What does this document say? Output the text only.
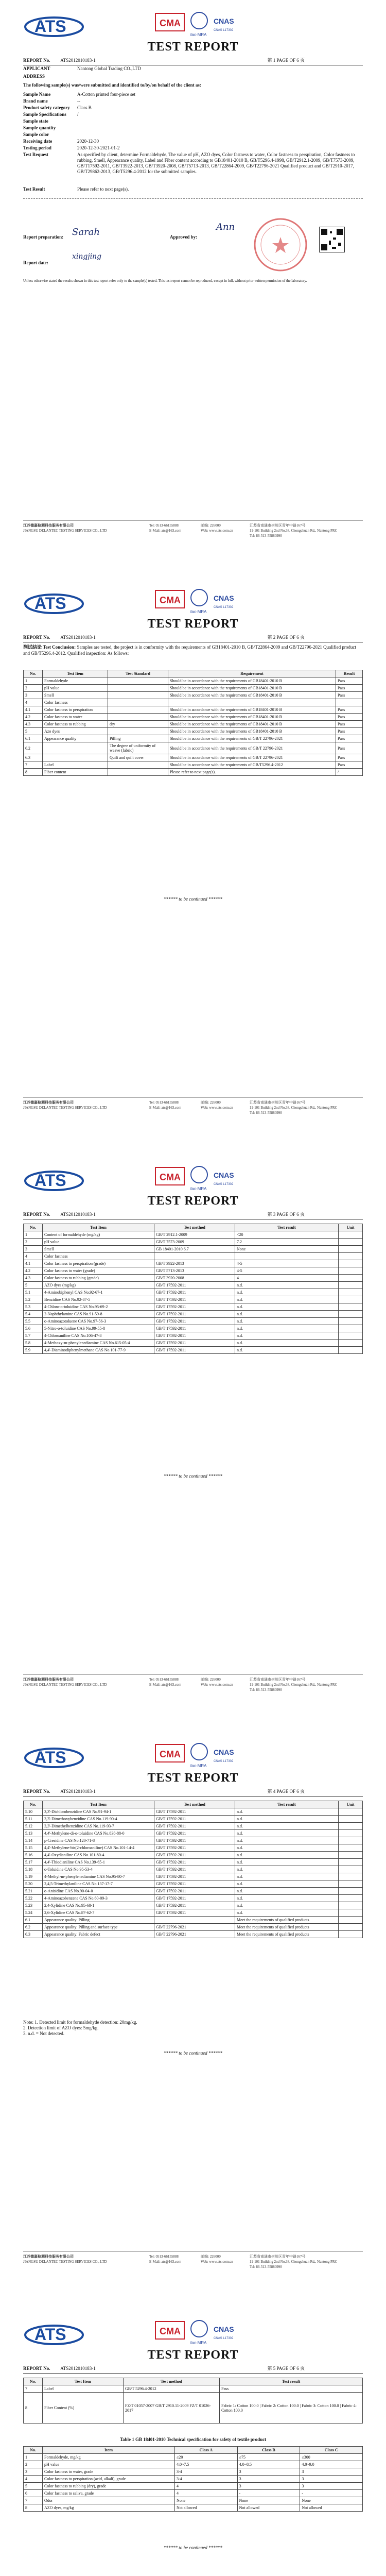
ATS	CMA
ilac-MRA
CNAS
CNAS L17302
TEST REPORT
REPORT No. ATS2012010183-1	第 1 PAGE OF 6 页
APPLICANT	Nantong Global Trading CO.,LTD
ADDRESS
The following sample(s) was/were submitted and identified to/by/on behalf of the client as:
Sample Name	A-Cotton printed four-piece set
Brand name	--
Product safety category Class B
Sample Specifications /
Sample state
Sample quantity
Sample color
Receiving date	2020-12-30
Testing period	2020-12-30-2021-01-2
Test Request	As specified by client, determine Formaldehyde, The value of pH, AZO dyes, Color fastness to water, Color fastness to perspiration, Color fastness to rubbing, Smell, Appearance quality, Label and Fiber content according to GB18401-2010 B, GB/T5296.4-1998, GB/T2912.1-2009, GB/T7573-2009, GB/T17592-2011, GB/T3922-2013, GB/T3920-2008, GB/T5713-2013, GB/T22864-2009, GB/T22796-2021 Qualified product and GB/T2910-2017, GB/T29862-2013, GB/T5296.4-2012 for the submitted samples.
Test Result	Please refer to next page(s).
Report preparation: Sarah	Approved by:
Ann
Report date:
xingjing
Unless otherwise stated the results shown in this test report refer only to the sample(s) tested. This test report cannot be reproduced, except in full, without prior written permission of the laboratory.
江苏德嘉检测科技服务有限公司
JIANGSU DELANTEC TESTING SERVICES CO., LTD
Tel: 0513-66155888
E-Mail: ats@163.com
邮编: 226000
Web: www.ats.com.cn
江苏省南通市崇川区青年中路167号
11-101 Building 2nd No.38, Chongchuan Rd., Nantong PRC
Tel: 86-513-55880990
ATS	CMA
ilac-MRA
CNAS
CNAS L17302
TEST REPORT
REPORT No. ATS2012010183-1	第 2 PAGE OF 6 页
测试结论 Test Conclusion: Samples are tested, the project is in conformity with the requirements of GB18401-2010 B, GB/T22864-2009 and GB/T22796-2021 Qualified product and GB/T5296.4-2012. Qualified inspection: As follows:
No.	Test Item	Test Standard	Requirement	Result
1	Formaldehyde		Should be in accordance with the requirements of GB18401-2010 B	Pass
2	pH value		Should be in accordance with the requirements of GB18401-2010 B	Pass
3	Smell		Should be in accordance with the requirements of GB18401-2010 B	Pass
4	Color fastness			
4.1	Color fastness to perspiration		Should be in accordance with the requirements of GB18401-2010 B	Pass
4.2	Color fastness to water		Should be in accordance with the requirements of GB18401-2010 B	Pass
4.3	Color fastness to rubbing	dry	Should be in accordance with the requirements of GB18401-2010 B	Pass
5	Azo dyes		Should be in accordance with the requirements of GB18401-2010 B	Pass
6.1	Appearance quality	Pilling	Should be in accordance with the requirements of GB/T 22796-2021	Pass
6.2		The degree of uniformity of weave (fabric)	Should be in accordance with the requirements of GB/T 22796-2021	Pass
6.3		Quilt and quilt cover	Should be in accordance with the requirements of GB/T 22796-2021	Pass
7	Label		Should be in accordance with the requirements of GB/T5296.4-2012	Pass
8	Fiber content		Please refer to next page(s).	/
****** to be continued ******
江苏德嘉检测科技服务有限公司
JIANGSU DELANTEC TESTING SERVICES CO., LTD
Tel: 0513-66155888
E-Mail: ats@163.com
邮编: 226000
Web: www.ats.com.cn
江苏省南通市崇川区青年中路167号
11-101 Building 2nd No.38, Chongchuan Rd., Nantong PRC
Tel: 86-513-55880990
ATS	CMA
ilac-MRA
CNAS
CNAS L17302
TEST REPORT
REPORT No. ATS2012010183-1	第 3 PAGE OF 6 页
No.	Test Item	Test method	Test result	Unit
1	Content of formaldehyde (mg/kg)	GB/T 2912.1-2009	<20	
2	pH value	GB/T 7573-2009	7.2	
3	Smell	GB 18401-2010 6.7	None	
4	Color fastness			
4.1	Color fastness to perspiration (grade)	GB/T 3922-2013	4-5	
4.2	Color fastness to water (grade)	GB/T 5713-2013	4-5	
4.3	Color fastness to rubbing (grade)	GB/T 3920-2008	4	
5	AZO dyes (mg/kg)	GB/T 17592-2011	n.d.	
5.1	4-Aminobiphenyl CAS No.92-67-1	GB/T 17592-2011	n.d.	
5.2	Benzidine CAS No.92-87-5	GB/T 17592-2011	n.d.	
5.3	4-Chloro-o-toluidine CAS No.95-69-2	GB/T 17592-2011	n.d.	
5.4	2-Naphthylamine CAS No.91-59-8	GB/T 17592-2011	n.d.	
5.5	o-Aminoazotoluene CAS No.97-56-3	GB/T 17592-2011	n.d.	
5.6	5-Nitro-o-toluidine CAS No.99-55-8	GB/T 17592-2011	n.d.	
5.7	4-Chloroaniline CAS No.106-47-8	GB/T 17592-2011	n.d.	
5.8	4-Methoxy-m-phenylenediamine CAS No.615-05-4	GB/T 17592-2011	n.d.	
5.9	4,4'-Diaminodiphenylmethane CAS No.101-77-9	GB/T 17592-2011	n.d.	
****** to be continued ******
江苏德嘉检测科技服务有限公司
JIANGSU DELANTEC TESTING SERVICES CO., LTD
Tel: 0513-66155888
E-Mail: ats@163.com
邮编: 226000
Web: www.ats.com.cn
江苏省南通市崇川区青年中路167号
11-101 Building 2nd No.38, Chongchuan Rd., Nantong PRC
Tel: 86-513-55880990
ATS	CMA
ilac-MRA
CNAS
CNAS L17302
TEST REPORT
REPORT No. ATS2012010183-1	第 4 PAGE OF 6 页
No.	Test Item	Test method	Test result	Unit
5.10	3,3'-Dichlorobenzidine CAS No.91-94-1	GB/T 17592-2011	n.d.	
5.11	3,3'-Dimethoxybenzidine CAS No.119-90-4	GB/T 17592-2011	n.d.	
5.12	3,3'-Dimethylbenzidine CAS No.119-93-7	GB/T 17592-2011	n.d.	
5.13	4,4'-Methylene-di-o-toluidine CAS No.838-88-0	GB/T 17592-2011	n.d.	
5.14	p-Cresidine CAS No.120-71-8	GB/T 17592-2011	n.d.	
5.15	4,4'-Methylene-bis(2-chloroaniline) CAS No.101-14-4	GB/T 17592-2011	n.d.	
5.16	4,4'-Oxydianiline CAS No.101-80-4	GB/T 17592-2011	n.d.	
5.17	4,4'-Thiodianiline CAS No.139-65-1	GB/T 17592-2011	n.d.	
5.18	o-Toluidine CAS No.95-53-4	GB/T 17592-2011	n.d.	
5.19	4-Methyl-m-phenylenediamine CAS No.95-80-7	GB/T 17592-2011	n.d.	
5.20	2,4,5-Trimethylaniline CAS No.137-17-7	GB/T 17592-2011	n.d.	
5.21	o-Anisidine CAS No.90-04-0	GB/T 17592-2011	n.d.	
5.22	4-Aminoazobenzene CAS No.60-09-3	GB/T 17592-2011	n.d.	
5.23	2,4-Xylidine CAS No.95-68-1	GB/T 17592-2011	n.d.	
5.24	2,6-Xylidine CAS No.87-62-7	GB/T 17592-2011	n.d.	
6.1	Appearance quality: Pilling		Meet the requirements of qualified products	
6.2	Appearance quality: Pilling and surface type	GB/T 22796-2021	Meet the requirements of qualified products	
6.3	Appearance quality: Fabric defect	GB/T 22796-2021	Meet the requirements of qualified products	
Note: 1. Detected limit for formaldehyde detection: 20mg/kg.
2. Detection limit of AZO dyes: 5mg/kg.
3. n.d. = Not detected.
****** to be continued ******
江苏德嘉检测科技服务有限公司
JIANGSU DELANTEC TESTING SERVICES CO., LTD
Tel: 0513-66155888
E-Mail: ats@163.com
邮编: 226000
Web: www.ats.com.cn
江苏省南通市崇川区青年中路167号
11-101 Building 2nd No.38, Chongchuan Rd., Nantong PRC
Tel: 86-513-55880990
ATS	CMA
ilac-MRA
CNAS
CNAS L17302
TEST REPORT
REPORT No. ATS2012010183-1	第 5 PAGE OF 6 页
No.	Test Item	Test method	Test result
7	Label	GB/T 5296.4-2012	Pass
8	Fiber Content (%)	FZ/T 01057-2007 GB/T 2910.11-2009 FZ/T 01026-2017	Fabric 1: Cotton 100.0 | Fabric 2: Cotton 100.0 | Fabric 3: Cotton 100.0 | Fabric 4: Cotton 100.0
Table 1 GB 18401-2010 Technical specification for safety of textile product
No.	Item	Class A	Class B	Class C
1	Formaldehyde, mg/kg	≤20	≤75	≤300
2	pH value	4.0~7.5	4.0~8.5	4.0~9.0
3	Color fastness to water, grade	3-4	3	3
4	Color fastness to perspiration (acid, alkali), grade	3-4	3	3
5	Color fastness to rubbing (dry), grade	4	3	3
6	Color fastness to saliva, grade	4	-	-
7	Odor	None	None	None
8	AZO dyes, mg/kg	Not allowed	Not allowed	Not allowed
****** to be continued ******
